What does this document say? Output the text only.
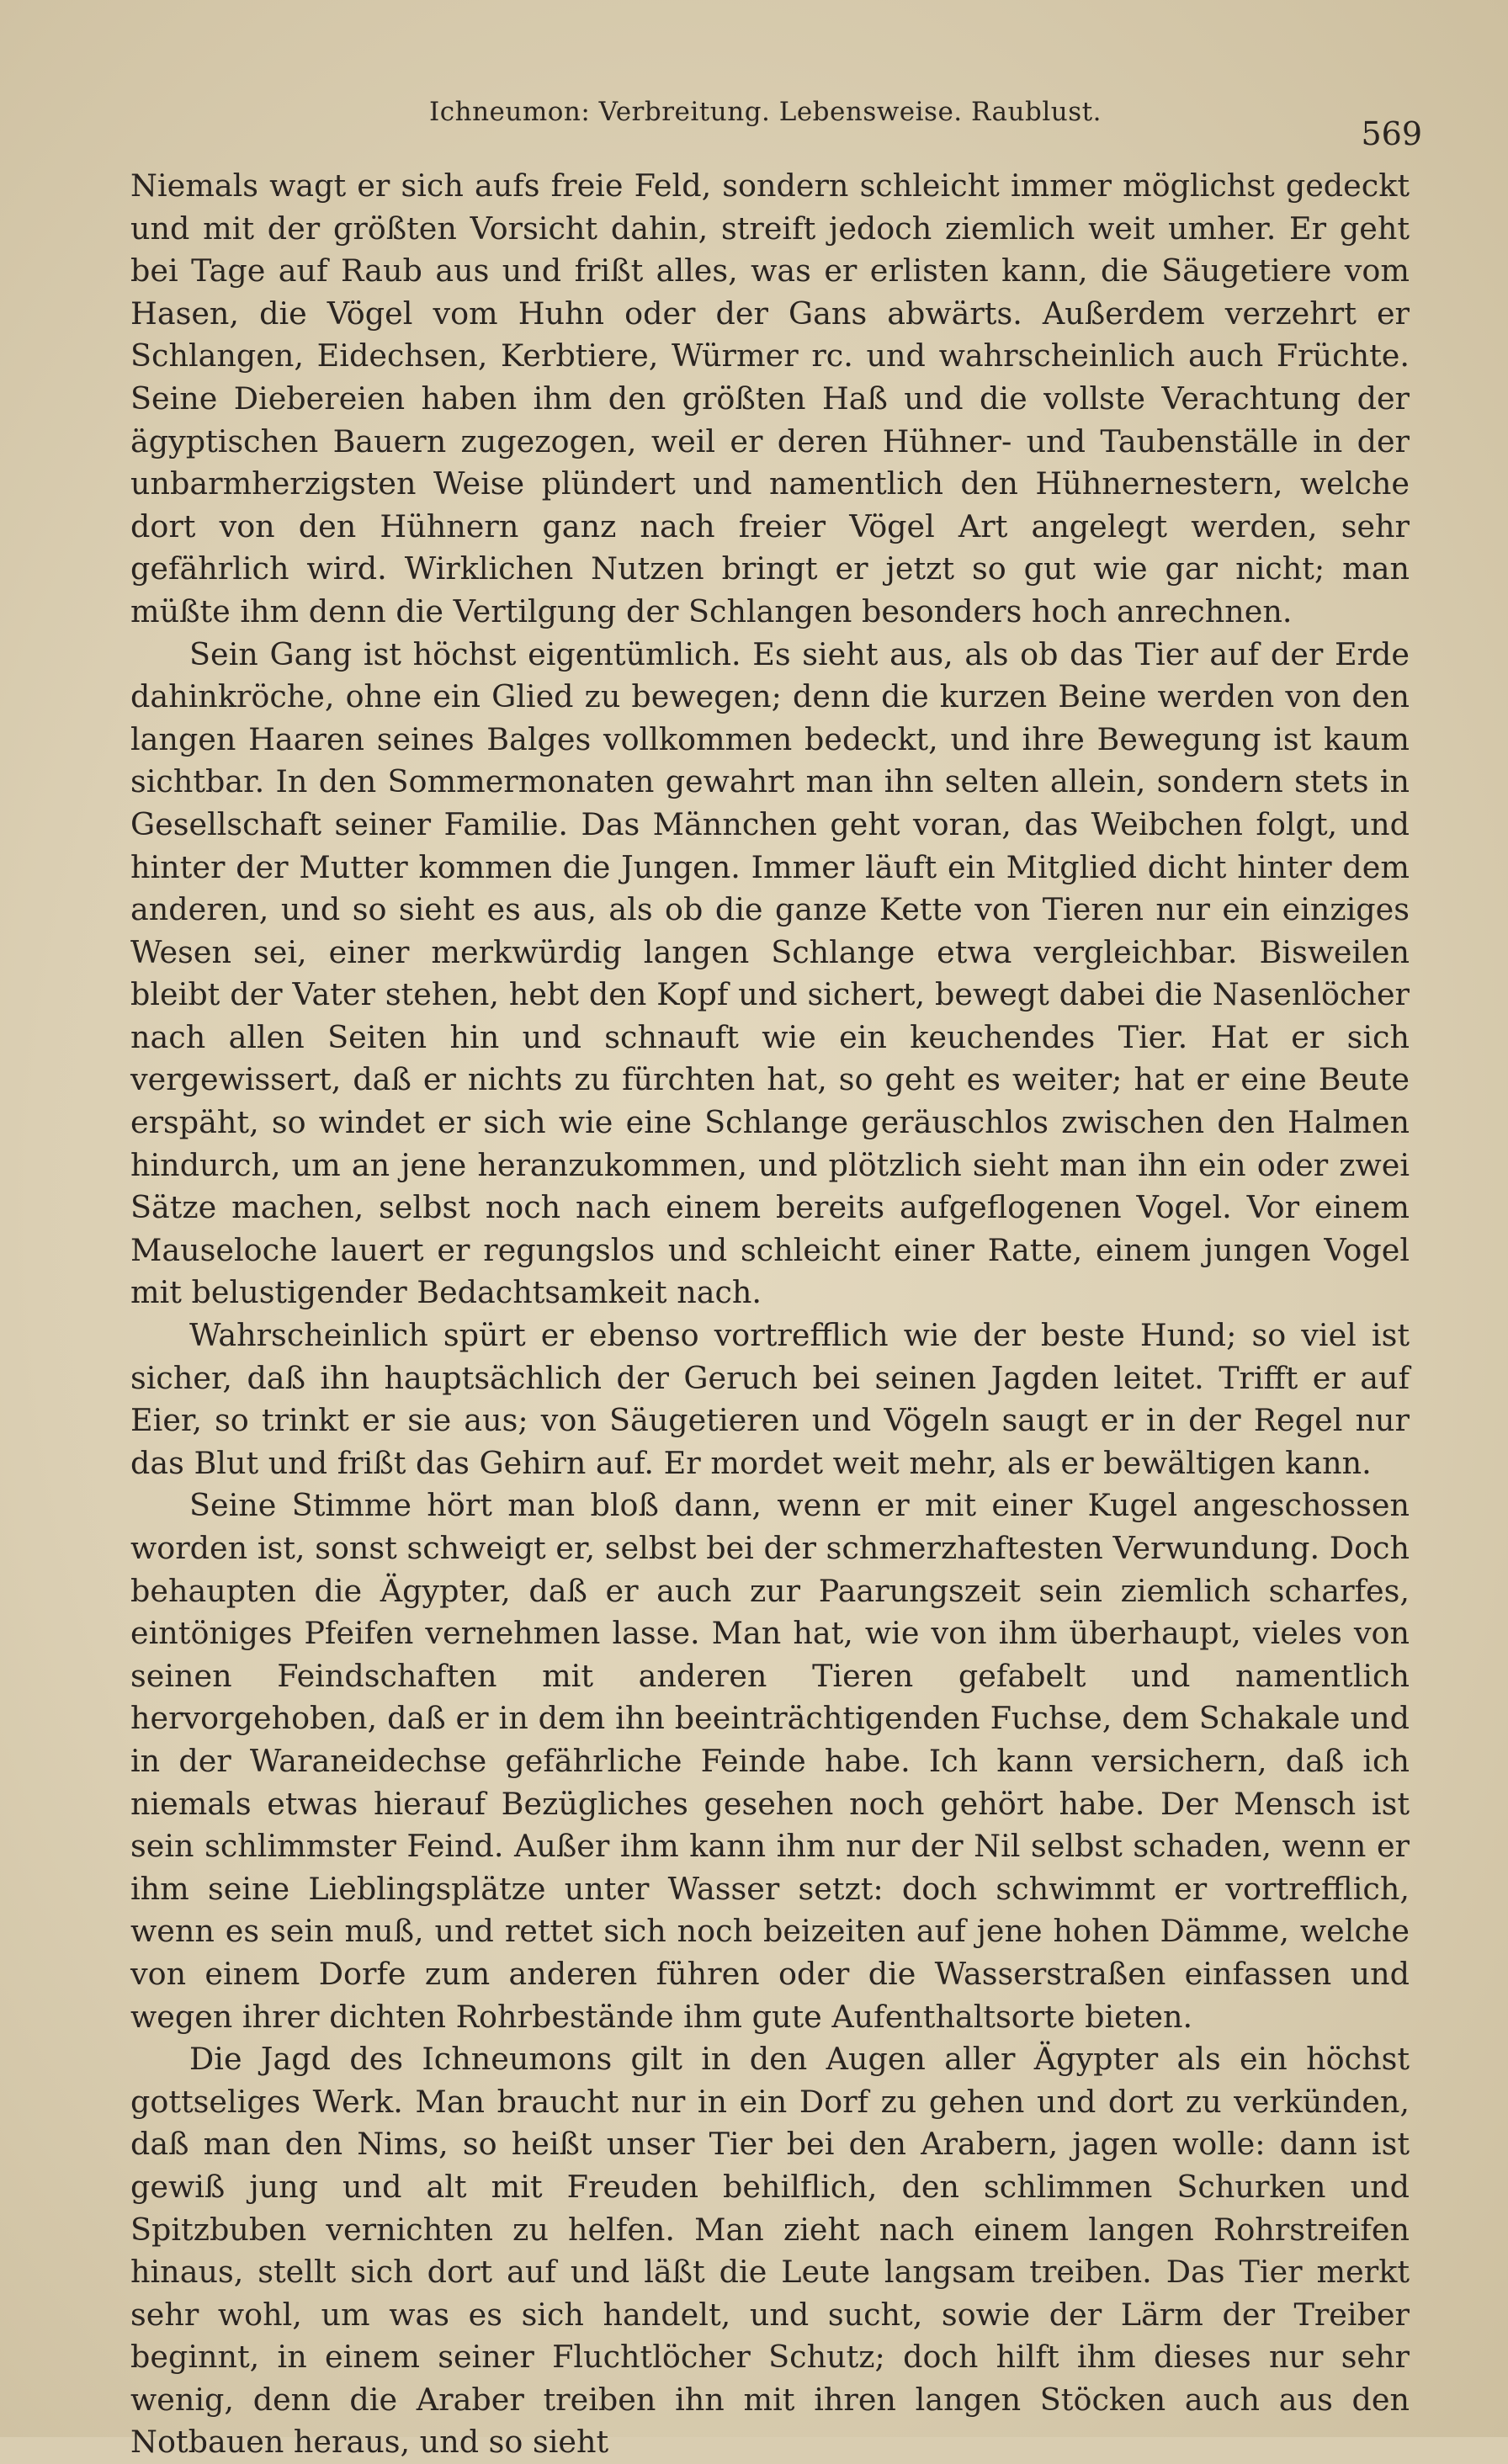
Ichneumon: Verbreitung. Lebensweise. Raublust.
569

Niemals wagt er sich aufs freie Feld, sondern schleicht immer möglichst gedeckt und mit der größten Vorsicht dahin, streift jedoch ziemlich weit umher. Er geht bei Tage auf Raub aus und frißt alles, was er erlisten kann, die Säugetiere vom Hasen, die Vögel vom Huhn oder der Gans abwärts. Außerdem verzehrt er Schlangen, Eidechsen, Kerbtiere, Würmer rc. und wahrscheinlich auch Früchte. Seine Diebereien haben ihm den größten Haß und die vollste Verachtung der ägyptischen Bauern zugezogen, weil er deren Hühner- und Taubenställe in der unbarmherzigsten Weise plündert und namentlich den Hühnernestern, welche dort von den Hühnern ganz nach freier Vögel Art angelegt werden, sehr gefährlich wird. Wirklichen Nutzen bringt er jetzt so gut wie gar nicht; man müßte ihm denn die Vertilgung der Schlangen besonders hoch anrechnen.

Sein Gang ist höchst eigentümlich. Es sieht aus, als ob das Tier auf der Erde dahinkröche, ohne ein Glied zu bewegen; denn die kurzen Beine werden von den langen Haaren seines Balges vollkommen bedeckt, und ihre Bewegung ist kaum sichtbar. In den Sommermonaten gewahrt man ihn selten allein, sondern stets in Gesellschaft seiner Familie. Das Männchen geht voran, das Weibchen folgt, und hinter der Mutter kommen die Jungen. Immer läuft ein Mitglied dicht hinter dem anderen, und so sieht es aus, als ob die ganze Kette von Tieren nur ein einziges Wesen sei, einer merkwürdig langen Schlange etwa vergleichbar. Bisweilen bleibt der Vater stehen, hebt den Kopf und sichert, bewegt dabei die Nasenlöcher nach allen Seiten hin und schnauft wie ein keuchendes Tier. Hat er sich vergewissert, daß er nichts zu fürchten hat, so geht es weiter; hat er eine Beute erspäht, so windet er sich wie eine Schlange geräuschlos zwischen den Halmen hindurch, um an jene heranzukommen, und plötzlich sieht man ihn ein oder zwei Sätze machen, selbst noch nach einem bereits aufgeflogenen Vogel. Vor einem Mauseloche lauert er regungslos und schleicht einer Ratte, einem jungen Vogel mit belustigender Bedachtsamkeit nach.

Wahrscheinlich spürt er ebenso vortrefflich wie der beste Hund; so viel ist sicher, daß ihn hauptsächlich der Geruch bei seinen Jagden leitet. Trifft er auf Eier, so trinkt er sie aus; von Säugetieren und Vögeln saugt er in der Regel nur das Blut und frißt das Gehirn auf. Er mordet weit mehr, als er bewältigen kann.

Seine Stimme hört man bloß dann, wenn er mit einer Kugel angeschossen worden ist, sonst schweigt er, selbst bei der schmerzhaftesten Verwundung. Doch behaupten die Ägypter, daß er auch zur Paarungszeit sein ziemlich scharfes, eintöniges Pfeifen vernehmen lasse. Man hat, wie von ihm überhaupt, vieles von seinen Feindschaften mit anderen Tieren gefabelt und namentlich hervorgehoben, daß er in dem ihn beeinträchtigenden Fuchse, dem Schakale und in der Waraneidechse gefährliche Feinde habe. Ich kann versichern, daß ich niemals etwas hierauf Bezügliches gesehen noch gehört habe. Der Mensch ist sein schlimmster Feind. Außer ihm kann ihm nur der Nil selbst schaden, wenn er ihm seine Lieblingsplätze unter Wasser setzt: doch schwimmt er vortrefflich, wenn es sein muß, und rettet sich noch beizeiten auf jene hohen Dämme, welche von einem Dorfe zum anderen führen oder die Wasserstraßen einfassen und wegen ihrer dichten Rohrbestände ihm gute Aufenthaltsorte bieten.

Die Jagd des Ichneumons gilt in den Augen aller Ägypter als ein höchst gottseliges Werk. Man braucht nur in ein Dorf zu gehen und dort zu verkünden, daß man den Nims, so heißt unser Tier bei den Arabern, jagen wolle: dann ist gewiß jung und alt mit Freuden behilflich, den schlimmen Schurken und Spitzbuben vernichten zu helfen. Man zieht nach einem langen Rohrstreifen hinaus, stellt sich dort auf und läßt die Leute langsam treiben. Das Tier merkt sehr wohl, um was es sich handelt, und sucht, sowie der Lärm der Treiber beginnt, in einem seiner Fluchtlöcher Schutz; doch hilft ihm dieses nur sehr wenig, denn die Araber treiben ihn mit ihren langen Stöcken auch aus den Notbauen heraus, und so sieht
